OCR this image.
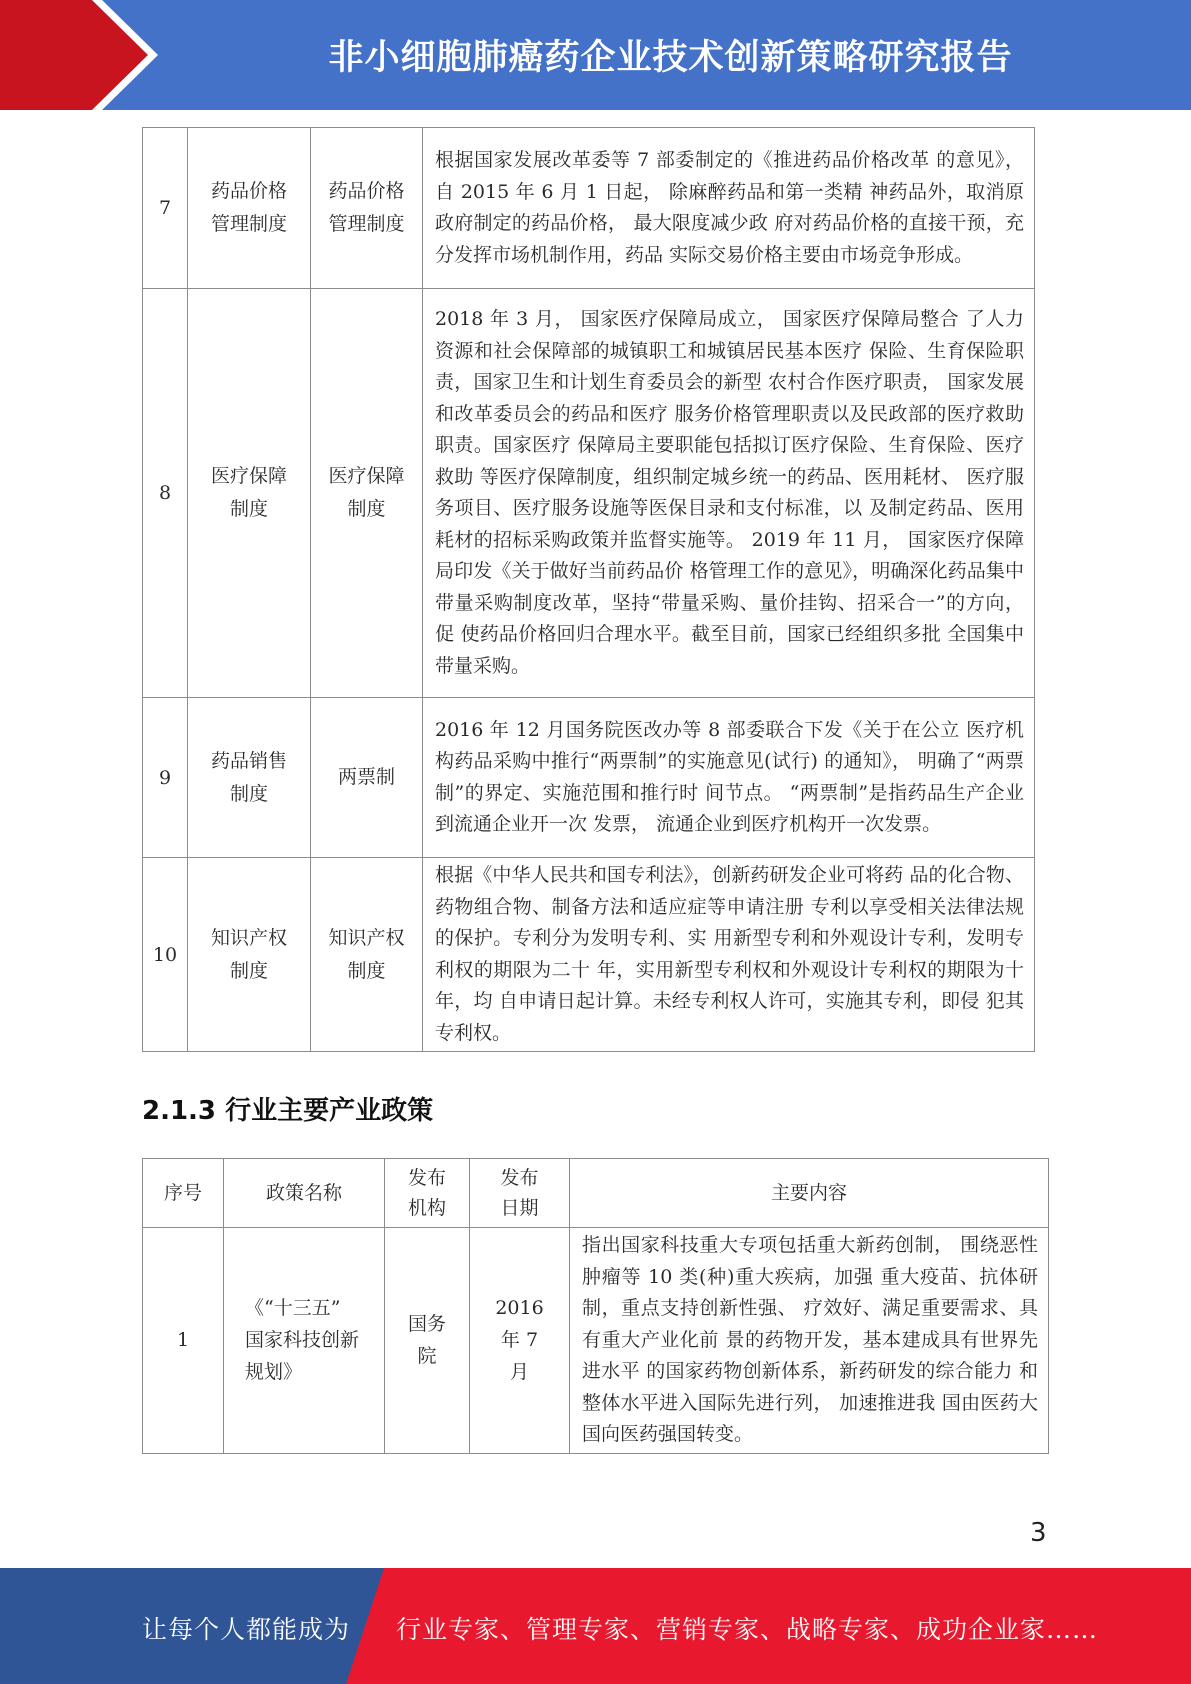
非小细胞肺癌药企业技术创新策略研究报告
7	药品价格管理制度	药品价格管理制度	根据国家发展改革委等 7 部委制定的《推进药品价格改革 的意见》， 自 2015 年 6 月 1 日起， 除麻醉药品和第一类精 神药品外，取消原政府制定的药品价格， 最大限度减少政 府对药品价格的直接干预，充分发挥市场机制作用，药品 实际交易价格主要由市场竞争形成。
8	医疗保障制度	医疗保障制度	2018 年 3 月， 国家医疗保障局成立， 国家医疗保障局整合 了人力资源和社会保障部的城镇职工和城镇居民基本医疗 保险、生育保险职责，国家卫生和计划生育委员会的新型 农村合作医疗职责， 国家发展和改革委员会的药品和医疗 服务价格管理职责以及民政部的医疗救助职责。国家医疗 保障局主要职能包括拟订医疗保险、生育保险、医疗救助 等医疗保障制度，组织制定城乡统一的药品、医用耗材、 医疗服务项目、医疗服务设施等医保目录和支付标准，以 及制定药品、医用耗材的招标采购政策并监督实施等。 2019 年 11 月， 国家医疗保障局印发《关于做好当前药品价 格管理工作的意见》，明确深化药品集中带量采购制度改革，坚持“带量采购、量价挂钩、招采合一”的方向，促 使药品价格回归合理水平。截至目前，国家已经组织多批 全国集中带量采购。
9	药品销售制度	两票制	2016 年 12 月国务院医改办等 8 部委联合下发《关于在公立 医疗机构药品采购中推行“两票制”的实施意见(试行) 的通知》， 明确了“两票制”的界定、实施范围和推行时 间节点。 “两票制”是指药品生产企业到流通企业开一次 发票， 流通企业到医疗机构开一次发票。
10	知识产权制度	知识产权制度	根据《中华人民共和国专利法》，创新药研发企业可将药 品的化合物、药物组合物、制备方法和适应症等申请注册 专利以享受相关法律法规的保护。专利分为发明专利、实 用新型专利和外观设计专利，发明专利权的期限为二十 年，实用新型专利权和外观设计专利权的期限为十年，均 自申请日起计算。未经专利权人许可，实施其专利，即侵 犯其专利权。
2.1.3 行业主要产业政策
序号	政策名称	发布机构	发布日期	主要内容
1	《“十三五” 国家科技创新 规划》	国务院	2016 年 7 月	指出国家科技重大专项包括重大新药创制， 围绕恶性肿瘤等 10 类(种)重大疾病，加强 重大疫苗、抗体研制，重点支持创新性强、 疗效好、满足重要需求、具有重大产业化前 景的药物开发，基本建成具有世界先进水平 的国家药物创新体系，新药研发的综合能力 和整体水平进入国际先进行列， 加速推进我 国由医药大国向医药强国转变。
3
让每个人都能成为 行业专家、管理专家、营销专家、战略专家、成功企业家……
